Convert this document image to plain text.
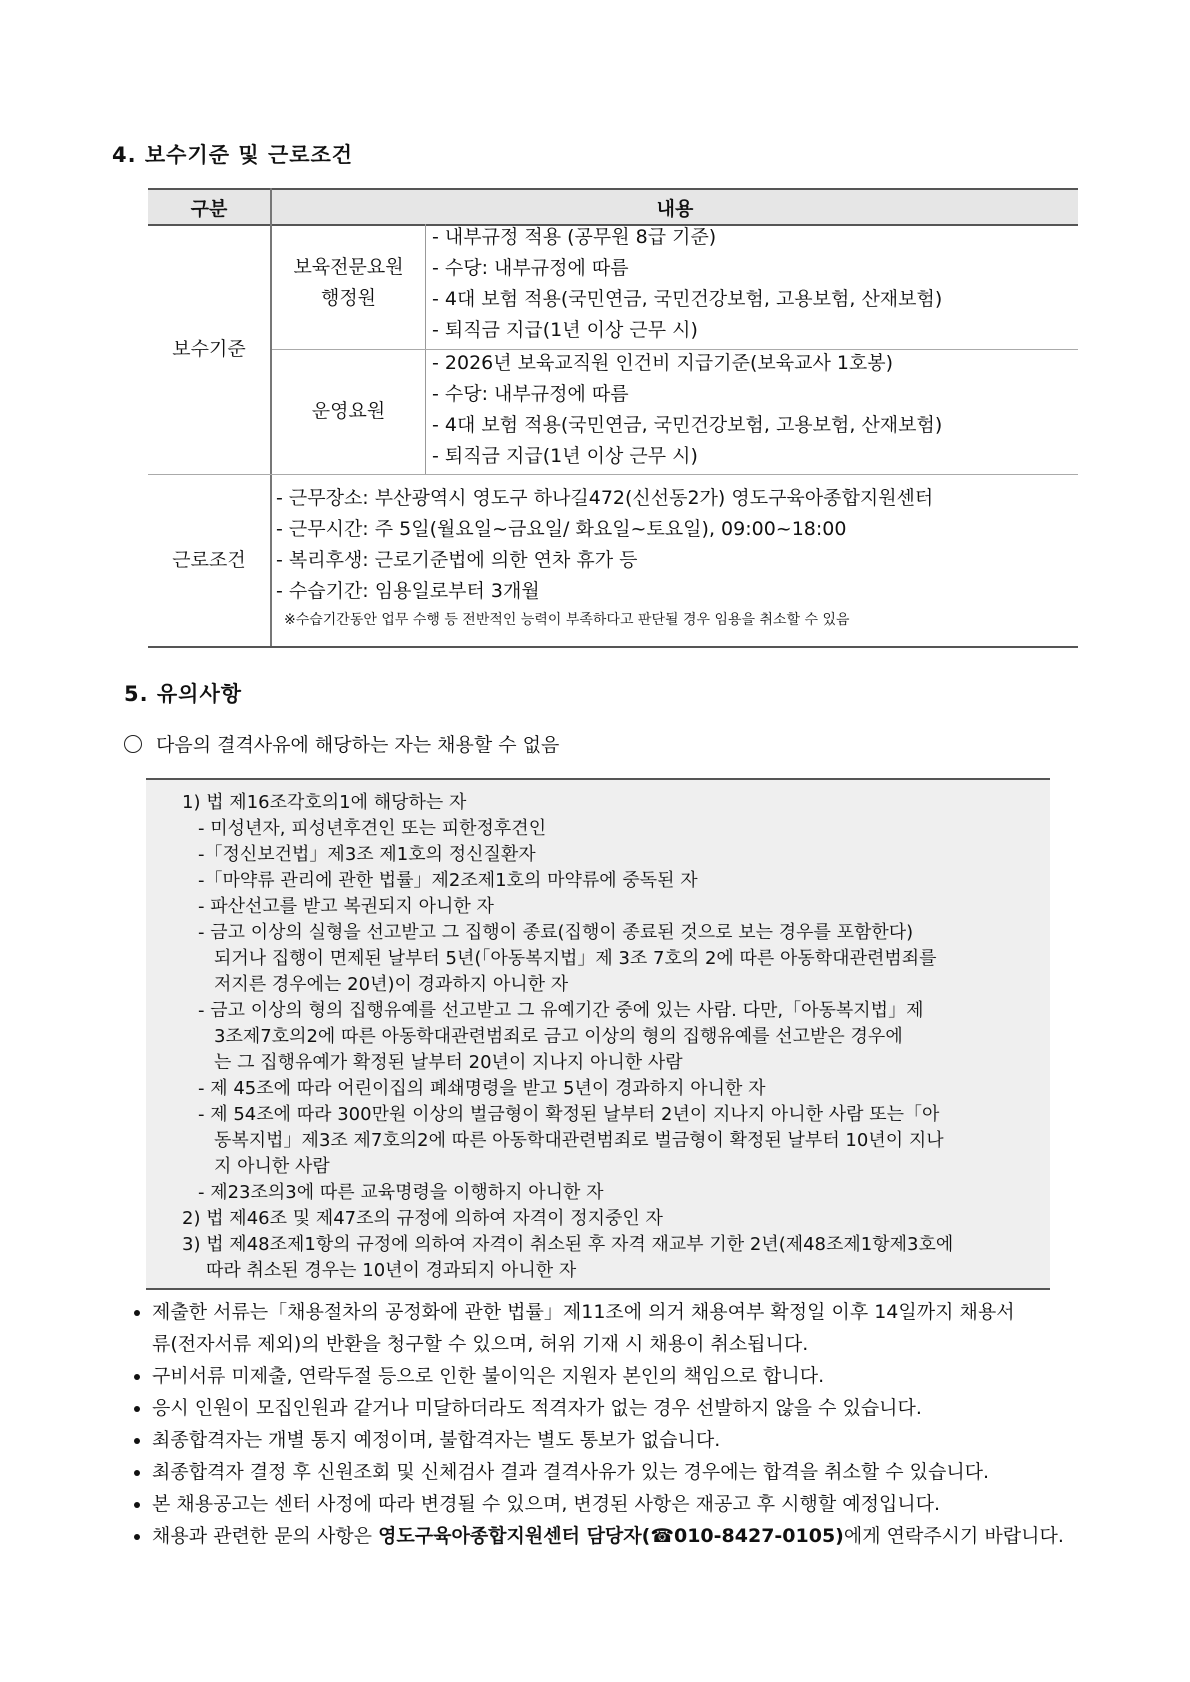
4. 보수기준 및 근로조건
구분	내용
보수기준
보육전문요원
행정원
- 내부규정 적용 (공무원 8급 기준)
- 수당: 내부규정에 따름
- 4대 보험 적용(국민연금, 국민건강보험, 고용보험, 산재보험)
- 퇴직금 지급(1년 이상 근무 시)
운영요원
- 2026년 보육교직원 인건비 지급기준(보육교사 1호봉)
- 수당: 내부규정에 따름
- 4대 보험 적용(국민연금, 국민건강보험, 고용보험, 산재보험)
- 퇴직금 지급(1년 이상 근무 시)
근로조건
- 근무장소: 부산광역시 영도구 하나길472(신선동2가) 영도구육아종합지원센터
- 근무시간: 주 5일(월요일~금요일/ 화요일~토요일), 09:00~18:00
- 복리후생: 근로기준법에 의한 연차 휴가 등
- 수습기간: 임용일로부터 3개월
※수습기간동안 업무 수행 등 전반적인 능력이 부족하다고 판단될 경우 임용을 취소할 수 있음
5. 유의사항
다음의 결격사유에 해당하는 자는 채용할 수 없음
1) 법 제16조각호의1에 해당하는 자
- 미성년자, 피성년후견인 또는 피한정후견인
-「정신보건법」제3조 제1호의 정신질환자
-「마약류 관리에 관한 법률」제2조제1호의 마약류에 중독된 자
- 파산선고를 받고 복권되지 아니한 자
- 금고 이상의 실형을 선고받고 그 집행이 종료(집행이 종료된 것으로 보는 경우를 포함한다)
되거나 집행이 면제된 날부터 5년(「아동복지법」제 3조 7호의 2에 따른 아동학대관련범죄를
저지른 경우에는 20년)이 경과하지 아니한 자
- 금고 이상의 형의 집행유예를 선고받고 그 유예기간 중에 있는 사람. 다만,「아동복지법」제
3조제7호의2에 따른 아동학대관련범죄로 금고 이상의 형의 집행유예를 선고받은 경우에
는 그 집행유예가 확정된 날부터 20년이 지나지 아니한 사람
- 제 45조에 따라 어린이집의 폐쇄명령을 받고 5년이 경과하지 아니한 자
- 제 54조에 따라 300만원 이상의 벌금형이 확정된 날부터 2년이 지나지 아니한 사람 또는「아
동복지법」제3조 제7호의2에 따른 아동학대관련범죄로 벌금형이 확정된 날부터 10년이 지나
지 아니한 사람
- 제23조의3에 따른 교육명령을 이행하지 아니한 자
2) 법 제46조 및 제47조의 규정에 의하여 자격이 정지중인 자
3) 법 제48조제1항의 규정에 의하여 자격이 취소된 후 자격 재교부 기한 2년(제48조제1항제3호에
따라 취소된 경우는 10년이 경과되지 아니한 자
제출한 서류는「채용절차의 공정화에 관한 법률」제11조에 의거 채용여부 확정일 이후 14일까지 채용서
류(전자서류 제외)의 반환을 청구할 수 있으며, 허위 기재 시 채용이 취소됩니다.
구비서류 미제출, 연락두절 등으로 인한 불이익은 지원자 본인의 책임으로 합니다.
응시 인원이 모집인원과 같거나 미달하더라도 적격자가 없는 경우 선발하지 않을 수 있습니다.
최종합격자는 개별 통지 예정이며, 불합격자는 별도 통보가 없습니다.
최종합격자 결정 후 신원조회 및 신체검사 결과 결격사유가 있는 경우에는 합격을 취소할 수 있습니다.
본 채용공고는 센터 사정에 따라 변경될 수 있으며, 변경된 사항은 재공고 후 시행할 예정입니다.
채용과 관련한 문의 사항은 영도구육아종합지원센터 담당자(☎010-8427-0105)에게 연락주시기 바랍니다.
